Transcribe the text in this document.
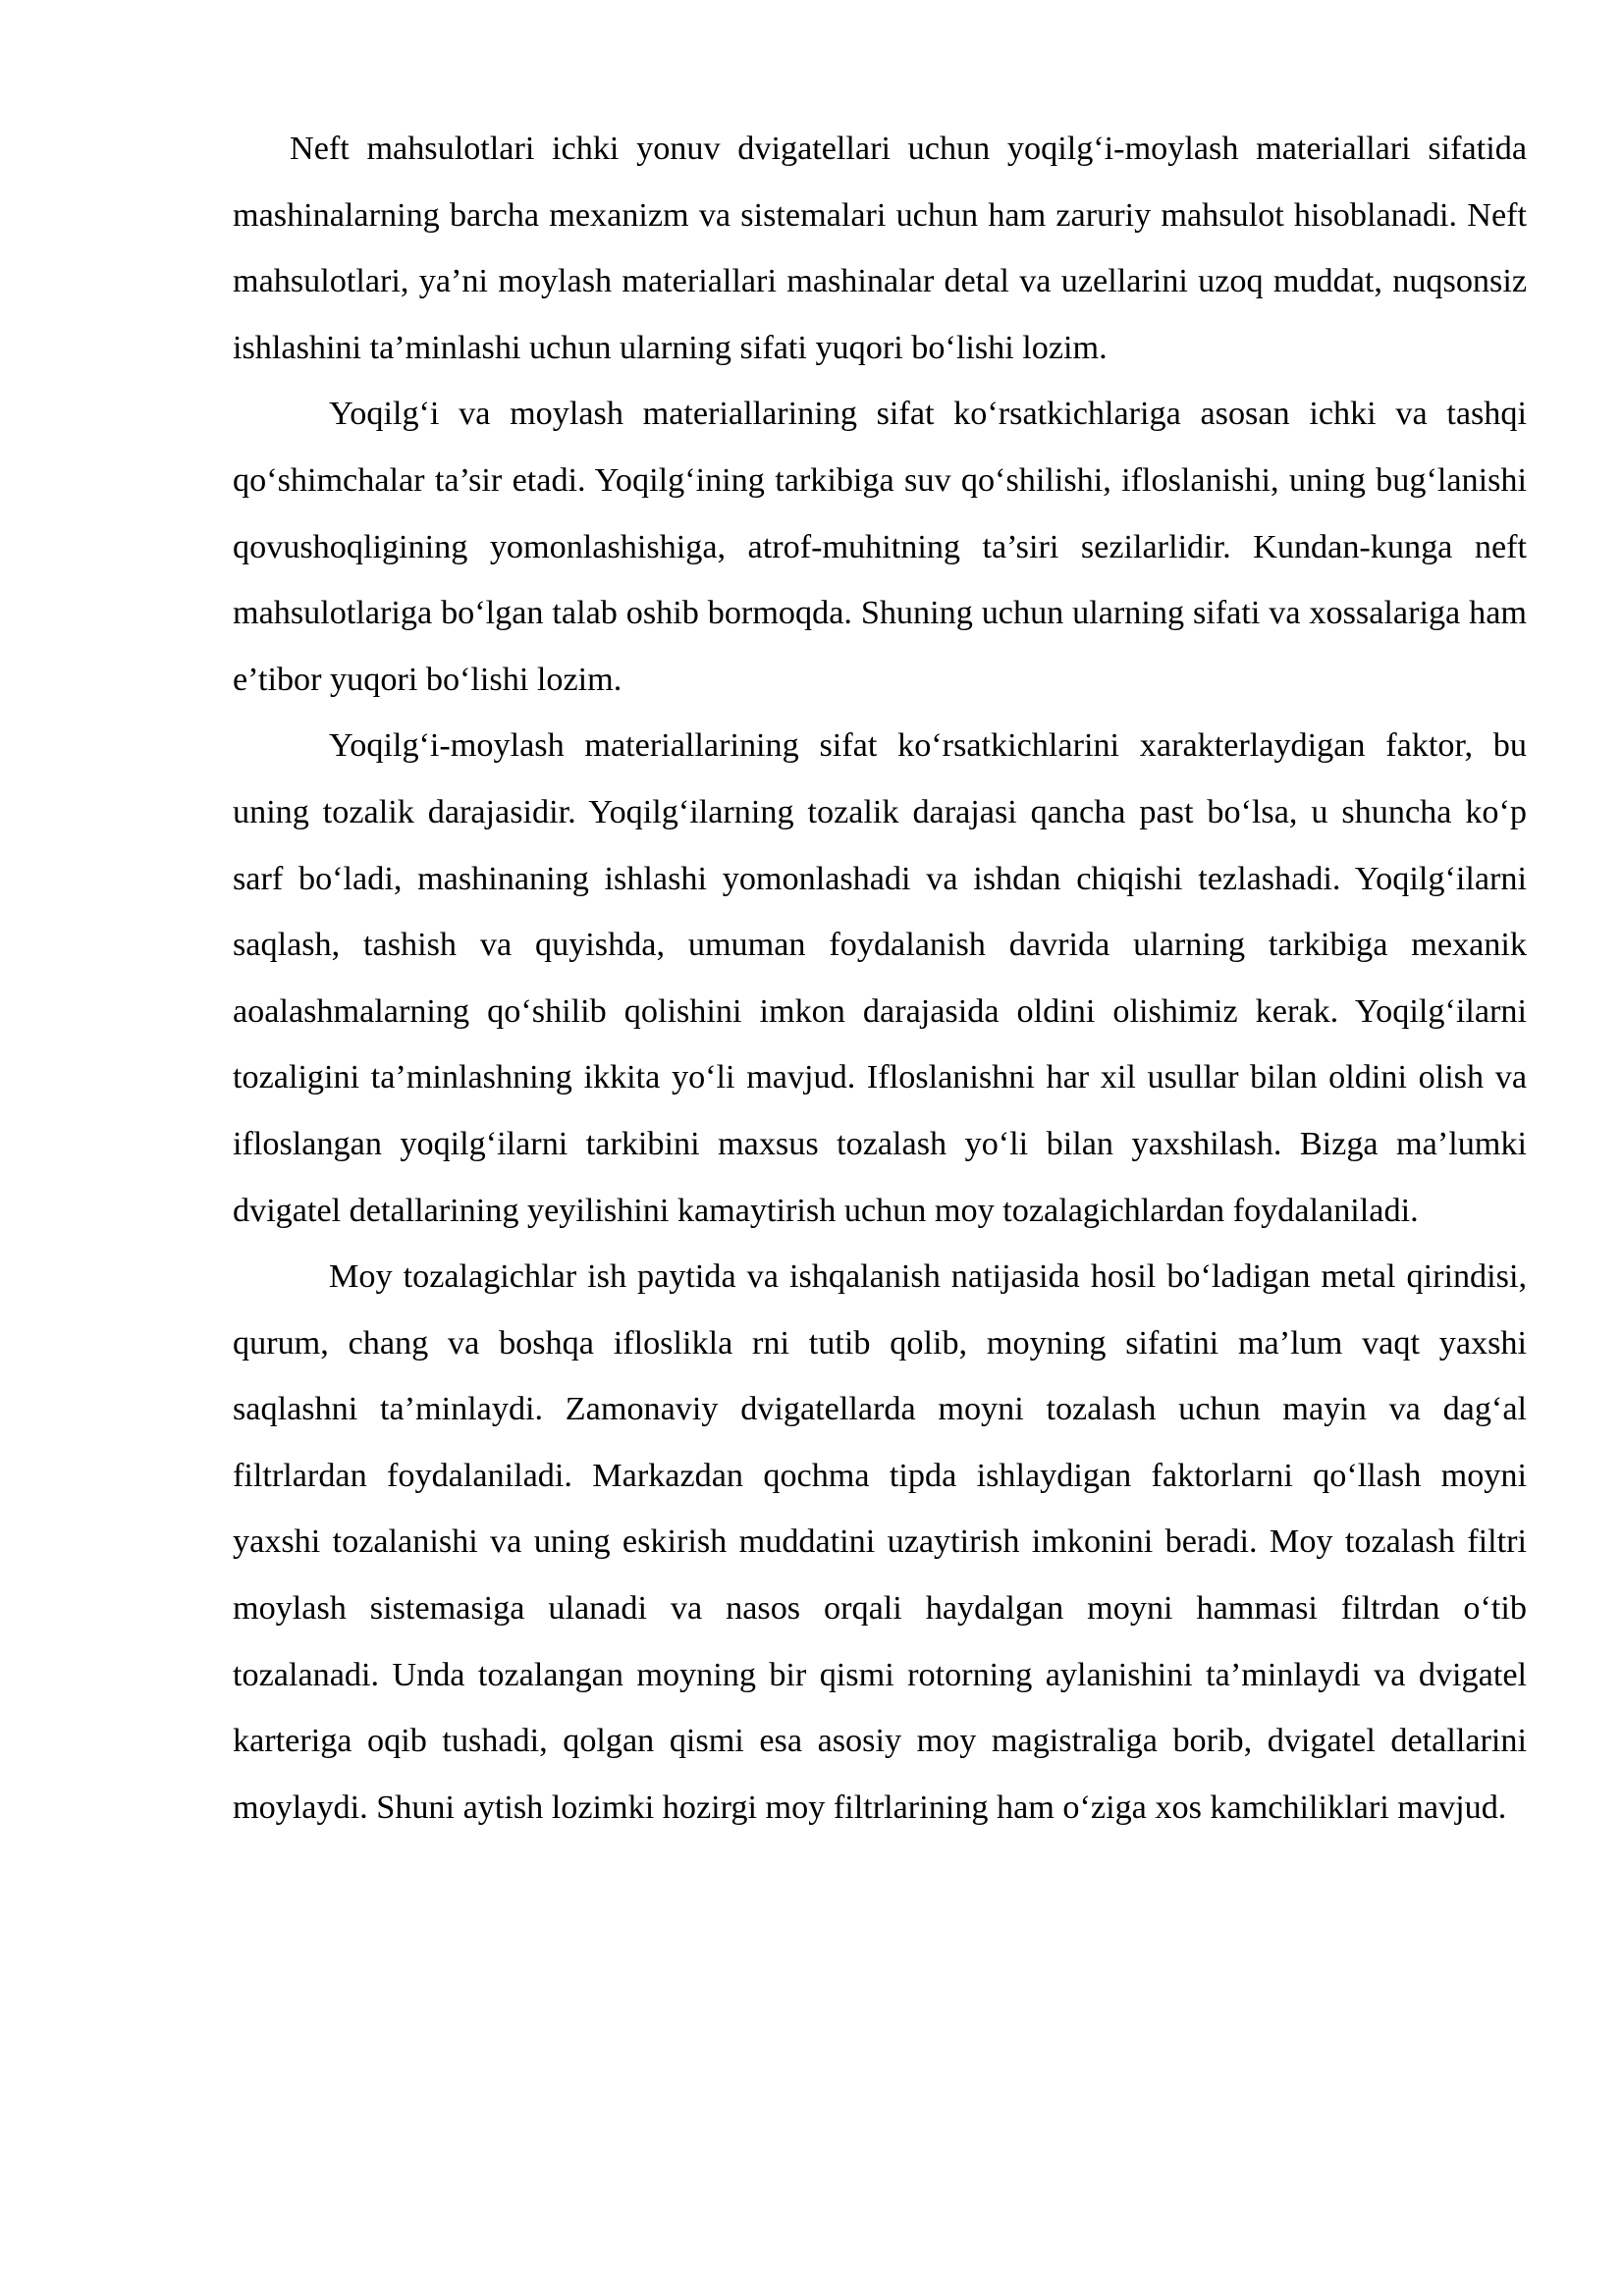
Neft mahsulotlari ichki yonuv dvigatellari uchun yoqilg‘i-moylash materiallari sifatida mashinalarning barcha mexanizm va sistemalari uchun ham zaruriy mahsulot hisoblanadi. Neft mahsulotlari, ya’ni moylash materiallari mashinalar detal va uzellarini uzoq muddat, nuqsonsiz ishlashini ta’minlashi uchun ularning sifati yuqori bo‘lishi lozim.

Yoqilg‘i va moylash materiallarining sifat ko‘rsatkichlariga asosan ichki va tashqi qo‘shimchalar ta’sir etadi. Yoqilg‘ining tarkibiga suv qo‘shilishi, ifloslanishi, uning bug‘lanishi qovushoqligining yomonlashishiga, atrof-muhitning ta’siri sezilarlidir. Kundan-kunga neft mahsulotlariga bo‘lgan talab oshib bormoqda. Shuning uchun ularning sifati va xossalariga ham e’tibor yuqori bo‘lishi lozim.

Yoqilg‘i-moylash materiallarining sifat ko‘rsatkichlarini xarakterlaydigan faktor, bu uning tozalik darajasidir. Yoqilg‘ilarning tozalik darajasi qancha past bo‘lsa, u shuncha ko‘p sarf bo‘ladi, mashinaning ishlashi yomonlashadi va ishdan chiqishi tezlashadi. Yoqilg‘ilarni saqlash, tashish va quyishda, umuman foydalanish davrida ularning tarkibiga mexanik aoalashmalarning qo‘shilib qolishini imkon darajasida oldini olishimiz kerak. Yoqilg‘ilarni tozaligini ta’minlashning ikkita yo‘li mavjud. Ifloslanishni har xil usullar bilan oldini olish va ifloslangan yoqilg‘ilarni tarkibini maxsus tozalash yo‘li bilan yaxshilash. Bizga ma’lumki dvigatel detallarining yeyilishini kamaytirish uchun moy tozalagichlardan foydalaniladi.

Moy tozalagichlar ish paytida va ishqalanish natijasida hosil bo‘ladigan metal qirindisi, qurum, chang va boshqa ifloslikla rni tutib qolib, moyning sifatini ma’lum vaqt yaxshi saqlashni ta’minlaydi. Zamonaviy dvigatellarda moyni tozalash uchun mayin va dag‘al filtrlardan foydalaniladi. Markazdan qochma tipda ishlaydigan faktorlarni qo‘llash moyni yaxshi tozalanishi va uning eskirish muddatini uzaytirish imkonini beradi. Moy tozalash filtri moylash sistemasiga ulanadi va nasos orqali haydalgan moyni hammasi filtrdan o‘tib tozalanadi. Unda tozalangan moyning bir qismi rotorning aylanishini ta’minlaydi va dvigatel karteriga oqib tushadi, qolgan qismi esa asosiy moy magistraliga borib, dvigatel detallarini moylaydi. Shuni aytish lozimki hozirgi moy filtrlarining ham o‘ziga xos kamchiliklari mavjud.
